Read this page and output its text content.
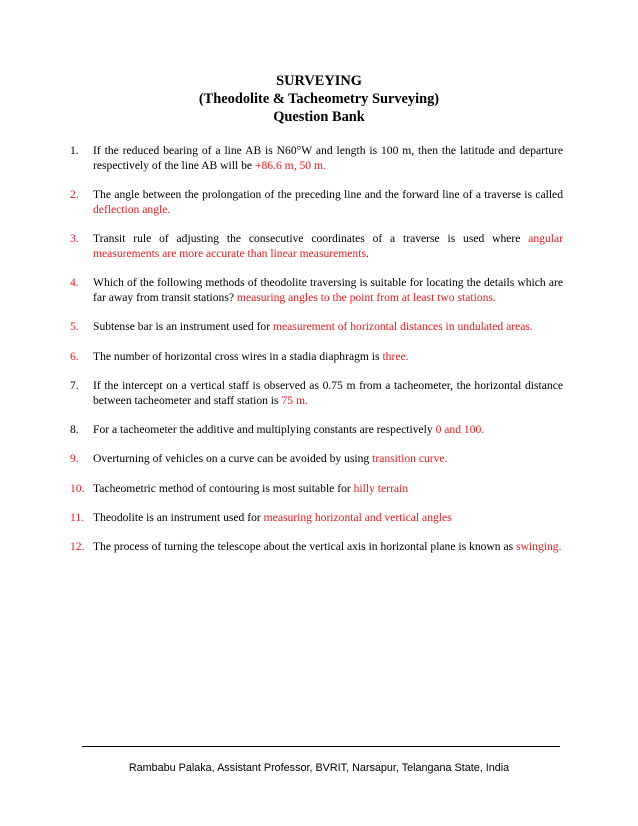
SURVEYING
(Theodolite & Tacheometry Surveying)
Question Bank
1.	If the reduced bearing of a line AB is N60°W and length is 100 m, then the latitude and departure respectively of the line AB will be +86.6 m, 50 m.
2.	The angle between the prolongation of the preceding line and the forward line of a traverse is called deflection angle.
3.	Transit rule of adjusting the consecutive coordinates of a traverse is used where angular measurements are more accurate than linear measurements.
4.	Which of the following methods of theodolite traversing is suitable for locating the details which are far away from transit stations? measuring angles to the point from at least two stations.
5.	Subtense bar is an instrument used for measurement of horizontal distances in undulated areas.
6.	The number of horizontal cross wires in a stadia diaphragm is three.
7.	If the intercept on a vertical staff is observed as 0.75 m from a tacheometer, the horizontal distance between tacheometer and staff station is 75 m.
8.	For a tacheometer the additive and multiplying constants are respectively 0 and 100.
9.	Overturning of vehicles on a curve can be avoided by using transition curve.
10. Tacheometric method of contouring is most suitable for hilly terrain
11. Theodolite is an instrument used for measuring horizontal and vertical angles
12. The process of turning the telescope about the vertical axis in horizontal plane is known as swinging.
Rambabu Palaka, Assistant Professor, BVRIT, Narsapur, Telangana State, India
